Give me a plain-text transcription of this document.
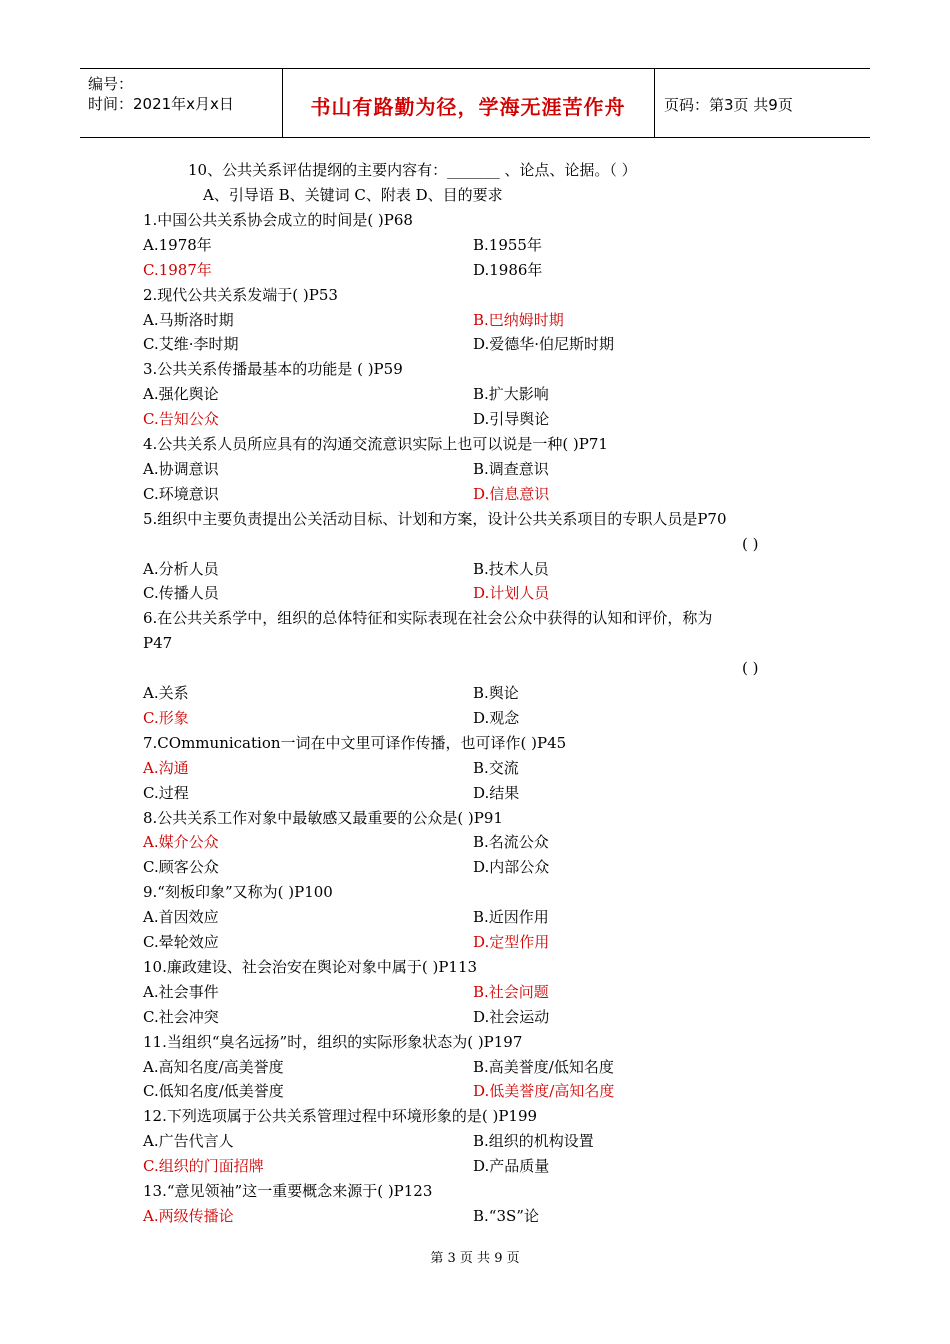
编号：
时间：2021年x月x日	书山有路勤为径，学海无涯苦作舟	页码：第3页 共9页
10、公共关系评估提纲的主要内容有：_______ 、论点、论据。（ ）
A、引导语 B、关键词 C、附表 D、目的要求
1.中国公共关系协会成立的时间是( )P68
A.1978年	B.1955年
C.1987年	D.1986年
2.现代公共关系发端于( )P53
A.马斯洛时期	B.巴纳姆时期
C.艾维·李时期	D.爱德华·伯尼斯时期
3.公共关系传播最基本的功能是 ( )P59
A.强化舆论	B.扩大影响
C.告知公众	D.引导舆论
4.公共关系人员所应具有的沟通交流意识实际上也可以说是一种( )P71
A.协调意识	B.调查意识
C.环境意识	D.信息意识
5.组织中主要负责提出公关活动目标、计划和方案，设计公共关系项目的专职人员是P70
( )
A.分析人员	B.技术人员
C.传播人员	D.计划人员
6.在公共关系学中，组织的总体特征和实际表现在社会公众中获得的认知和评价，称为
P47
( )
A.关系	B.舆论
C.形象	D.观念
7.COmmunication一词在中文里可译作传播，也可译作( )P45
A.沟通	B.交流
C.过程	D.结果
8.公共关系工作对象中最敏感又最重要的公众是( )P91
A.媒介公众	B.名流公众
C.顾客公众	D.内部公众
9.“刻板印象”又称为( )P100
A.首因效应	B.近因作用
C.晕轮效应	D.定型作用
10.廉政建设、社会治安在舆论对象中属于( )P113
A.社会事件	B.社会问题
C.社会冲突	D.社会运动
11.当组织“臭名远扬”时，组织的实际形象状态为( )P197
A.高知名度/高美誉度	B.高美誉度/低知名度
C.低知名度/低美誉度	D.低美誉度/高知名度
12.下列选项属于公共关系管理过程中环境形象的是( )P199
A.广告代言人	B.组织的机构设置
C.组织的门面招牌	D.产品质量
13.“意见领袖”这一重要概念来源于( )P123
A.两级传播论	B.“3S”论
第 3 页 共 9 页
